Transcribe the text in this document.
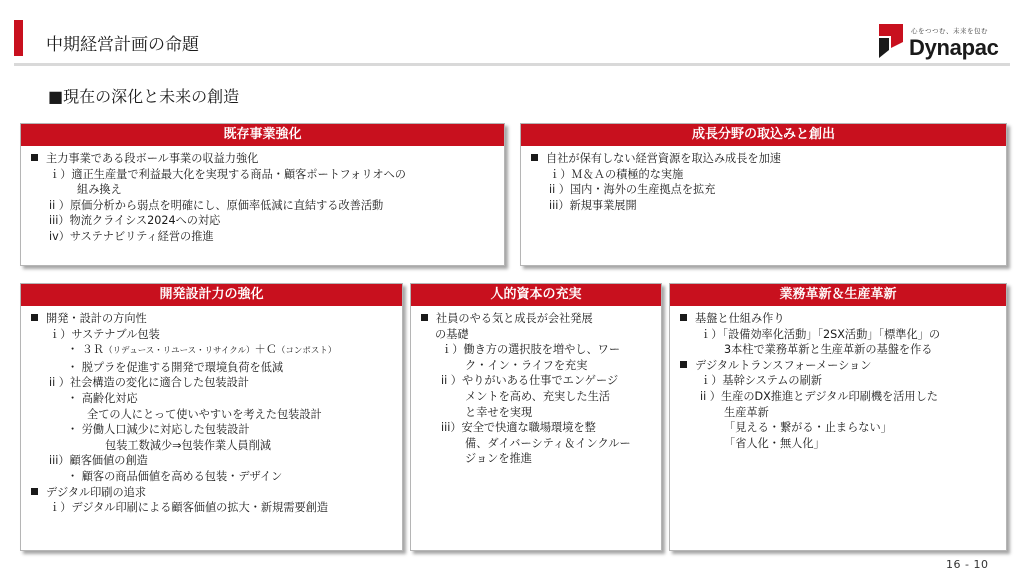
中期経営計画の命題
心をつつむ、未来を包む
Dynapac
■現在の深化と未来の創造
既存事業強化
主力事業である段ボール事業の収益力強化
ｉ）適正生産量で利益最大化を実現する商品・顧客ポートフォリオへの
組み換え
ii ）原価分析から弱点を明確にし、原価率低減に直結する改善活動
iii）物流クライシス2024への対応
iv）サステナビリティ経営の推進
成長分野の取込みと創出
自社が保有しない経営資源を取込み成長を加速
ｉ）Ｍ＆Ａの積極的な実施
ii ）国内・海外の生産拠点を拡充
iii）新規事業展開
開発設計力の強化
開発・設計の方向性
ｉ）サステナブル包装
・ ３Ｒ（リデュース・リユース・リサイクル）＋Ｃ（コンポスト）
・ 脱プラを促進する開発で環境負荷を低減
ii ）社会構造の変化に適合した包装設計
・ 高齢化対応
全ての人にとって使いやすいを考えた包装設計
・ 労働人口減少に対応した包装設計
包装工数減少⇒包装作業人員削減
iii）顧客価値の創造
・ 顧客の商品価値を高める包装・デザイン
デジタル印刷の追求
ｉ）デジタル印刷による顧客価値の拡大・新規需要創造
人的資本の充実
社員のやる気と成長が会社発展
の基礎
ｉ）働き方の選択肢を増やし、ワー
ク・イン・ライフを充実
ii ）やりがいある仕事でエンゲージ
メントを高め、充実した生活
と幸せを実現
iii）安全で快適な職場環境を整
備、ダイバーシティ＆インクルー
ジョンを推進
業務革新＆生産革新
基盤と仕組み作り
ｉ）「設備効率化活動」「2SX活動」「標準化」の
3本柱で業務革新と生産革新の基盤を作る
デジタルトランスフォーメーション
ｉ）基幹システムの刷新
ii ）生産のDX推進とデジタル印刷機を活用した
生産革新
「見える・繋がる・止まらない」
「省人化・無人化」
16 - 10
